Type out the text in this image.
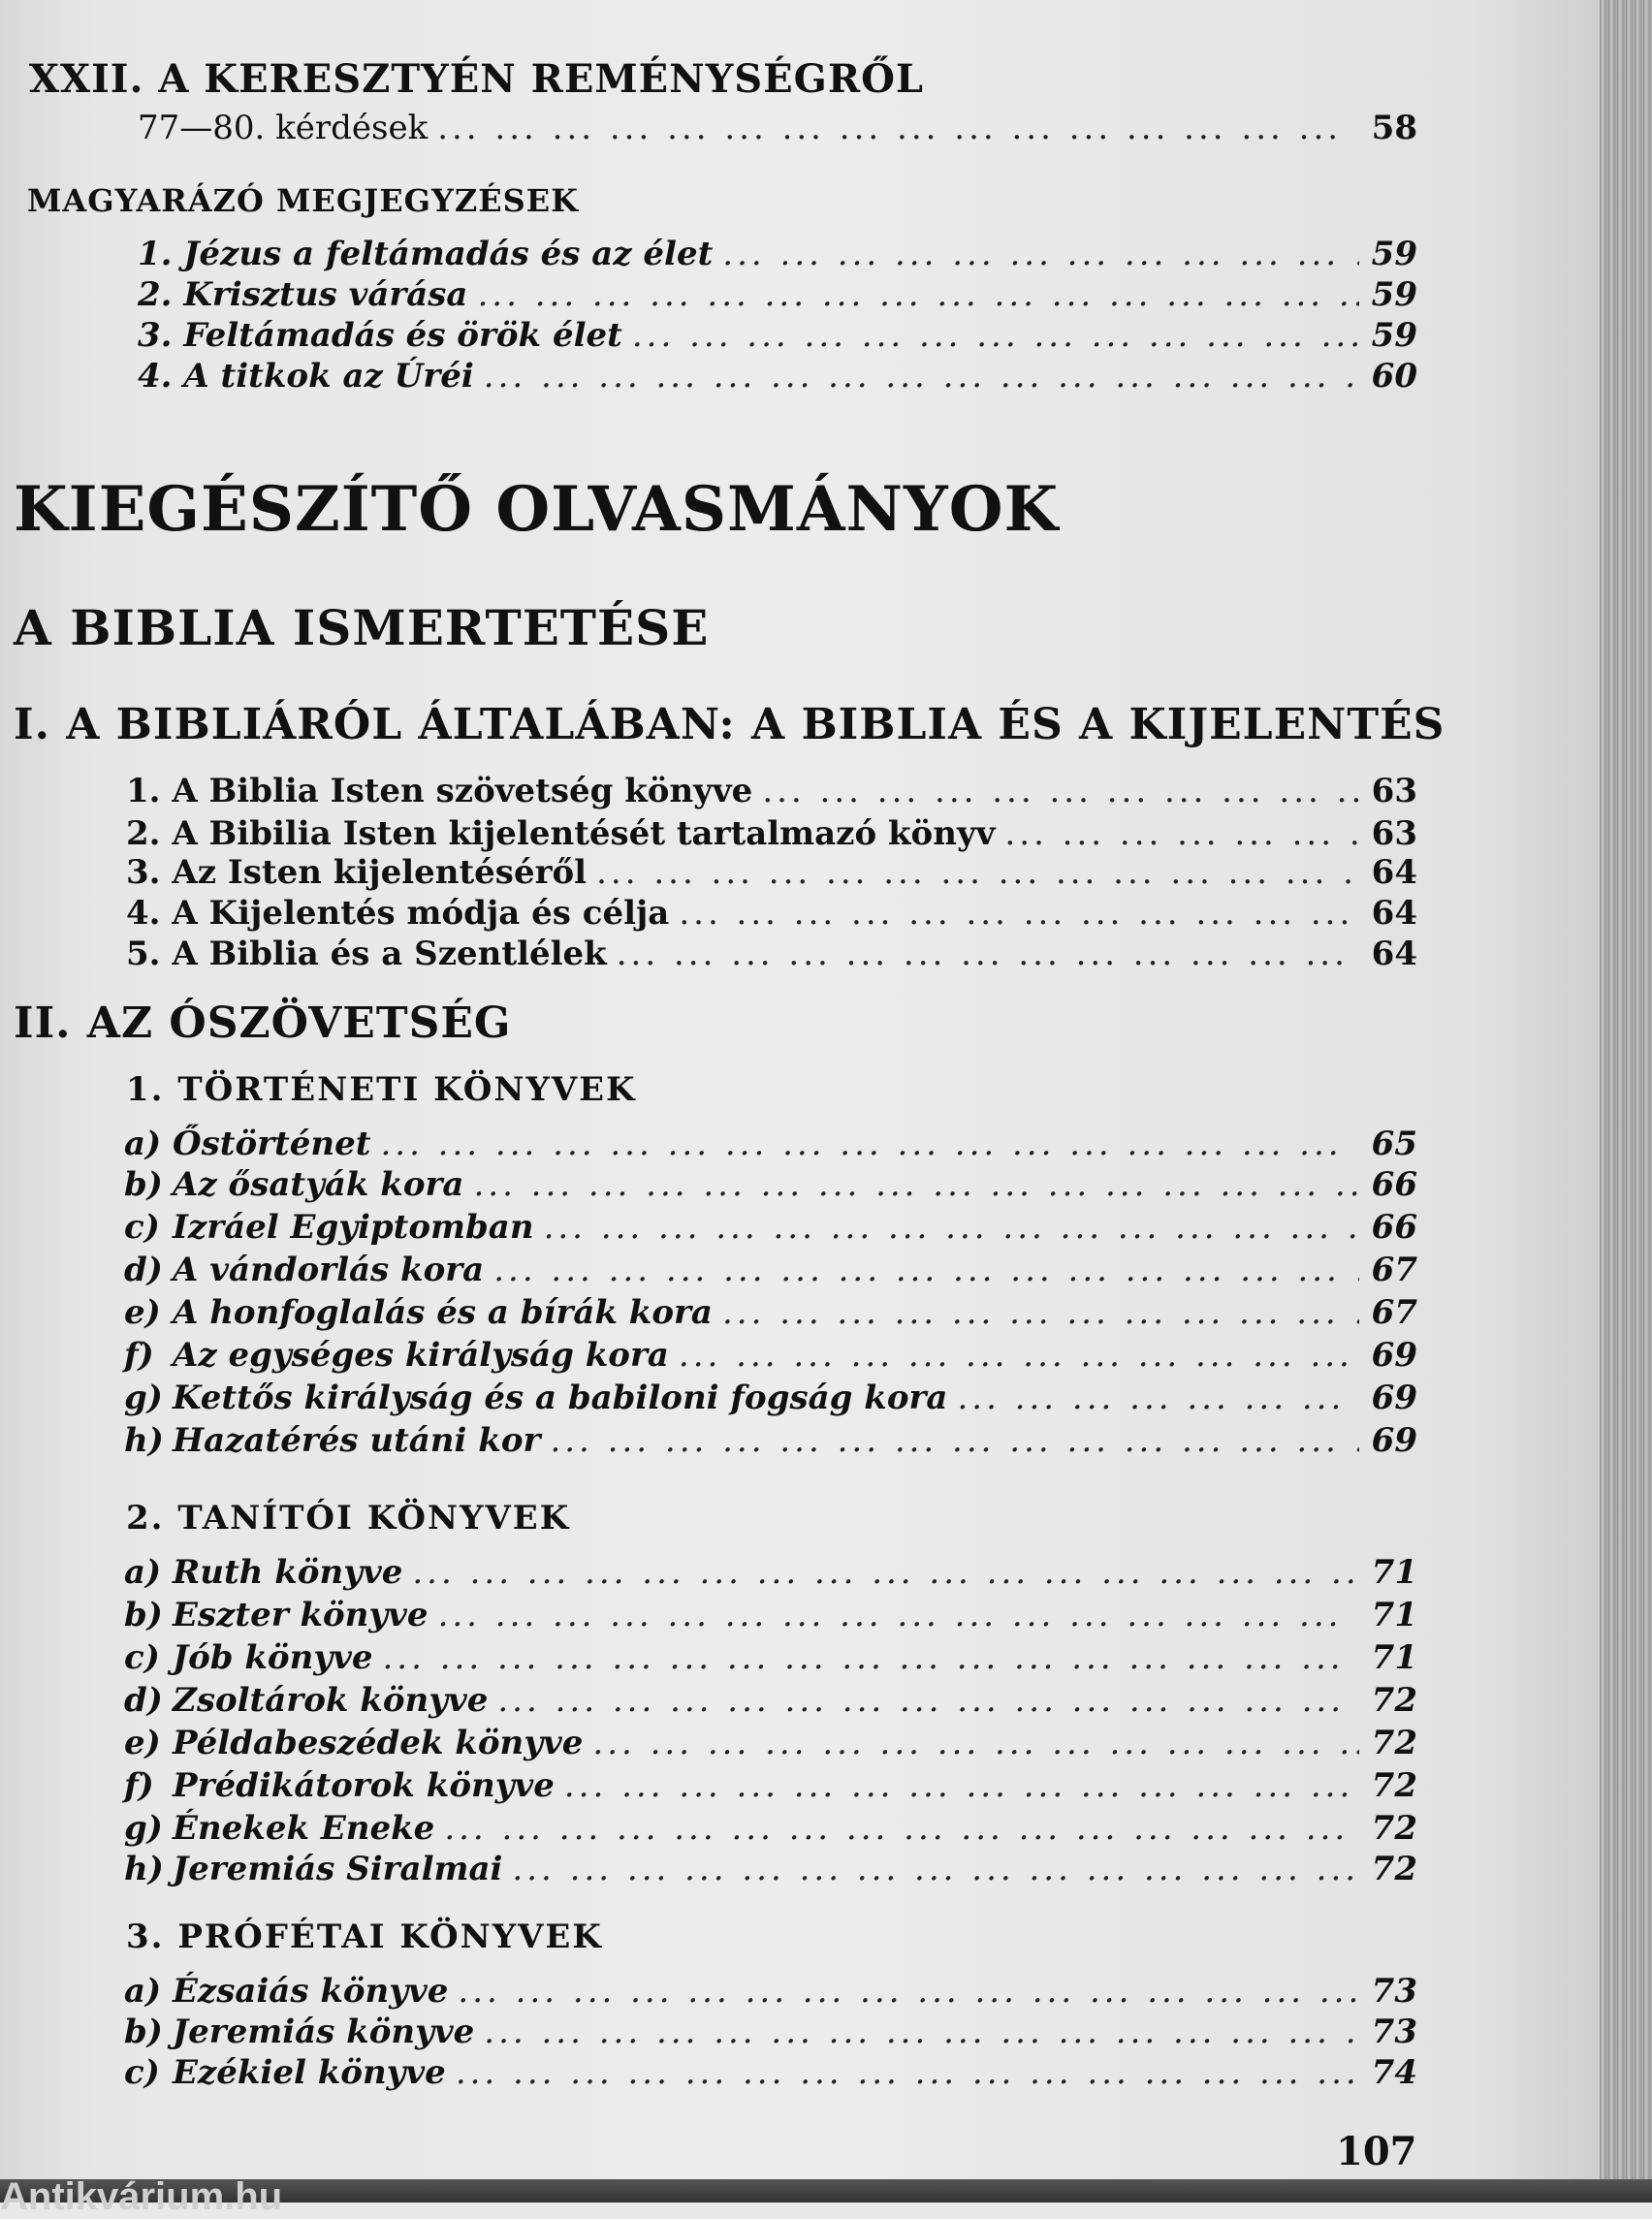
XXII. A KERESZTYÉN REMÉNYSÉGRŐL
77—80. kérdések ... .	58
MAGYARÁZÓ MEGJEGYZÉSEK
1. Jézus a feltámadás és az élet ... .	59
2. Krisztus várása ... .	59
3. Feltámadás és örök élet ... .	59
4. A titkok az Úréi ... .	60
KIEGÉSZÍTŐ OLVASMÁNYOK
A BIBLIA ISMERTETÉSE
I. A BIBLIÁRÓL ÁLTALÁBAN: A BIBLIA ÉS A KIJELENTÉS
1. A Biblia Isten szövetség könyve ... .	63
2. A Bibilia Isten kijelentését tartalmazó könyv ... .	63
3. Az Isten kijelentéséről ... .	64
4. A Kijelentés módja és célja ... .	64
5. A Biblia és a Szentlélek ... .	64
II. AZ ÓSZÖVETSÉG
1. TÖRTÉNETI KÖNYVEK
a) Őstörténet ... .	65
b) Az ősatyák kora ... .	66
c) Izráel Egyiptomban ... .	66
d) A vándorlás kora ... .	67
e) A honfoglalás és a bírák kora ... .	67
f) Az egységes királyság kora ... .	69
g) Kettős királyság és a babiloni fogság kora ... .	69
h) Hazatérés utáni kor ... .	69
2. TANÍTÓI KÖNYVEK
a) Ruth könyve ... .	71
b) Eszter könyve ... .	71
c) Jób könyve ... .	71
d) Zsoltárok könyve ... .	72
e) Példabeszédek könyve ... .	72
f) Prédikátorok könyve ... .	72
g) Énekek Eneke ... .	72
h) Jeremiás Siralmai ... .	72
3. PRÓFÉTAI KÖNYVEK
a) Ézsaiás könyve ... .	73
b) Jeremiás könyve ... .	73
c) Ezékiel könyve ... .	74
107
Antikvárium.hu
